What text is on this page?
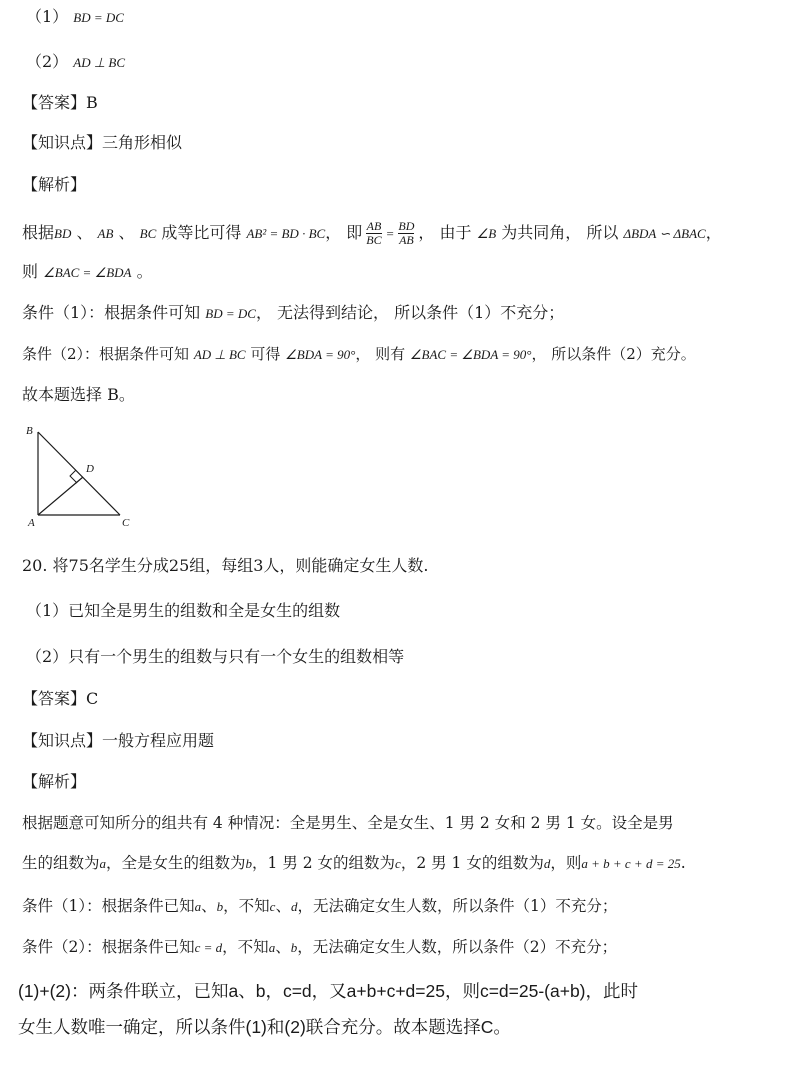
（1） BD = DC
（2） AD ⊥ BC
【答案】B
【知识点】三角形相似
【解析】
根据BD 、 AB 、 BC 成等比可得 AB² = BD · BC， 即 $\frac{AB}{BC} = \frac{BD}{AB}$ ， 由于 ∠B 为共同角， 所以 ΔBDA ∽ ΔBAC，
则 ∠BAC = ∠BDA 。
条件（1）：根据条件可知 BD = DC， 无法得到结论， 所以条件（1）不充分；
条件（2）：根据条件可知 AD ⊥ BC 可得 ∠BDA = 90°， 则有 ∠BAC = ∠BDA = 90°， 所以条件（2）充分。
故本题选择 B。
B
D
A	C
20. 将75名学生分成25组，每组3人，则能确定女生人数.
（1）已知全是男生的组数和全是女生的组数
（2）只有一个男生的组数与只有一个女生的组数相等
【答案】C
【知识点】一般方程应用题
【解析】
根据题意可知所分的组共有 4 种情况：全是男生、全是女生、1 男 2 女和 2 男 1 女。设全是男
生的组数为a，全是女生的组数为b，1 男 2 女的组数为c，2 男 1 女的组数为d，则a + b + c + d = 25.
条件（1）：根据条件已知a、b，不知c、d，无法确定女生人数，所以条件（1）不充分；
条件（2）：根据条件已知c = d，不知a、b，无法确定女生人数，所以条件（2）不充分；
(1)+(2)：两条件联立，已知a、b，c=d，又a+b+c+d=25，则c=d=25-(a+b)，此时
女生人数唯一确定，所以条件(1)和(2)联合充分。故本题选择C。
